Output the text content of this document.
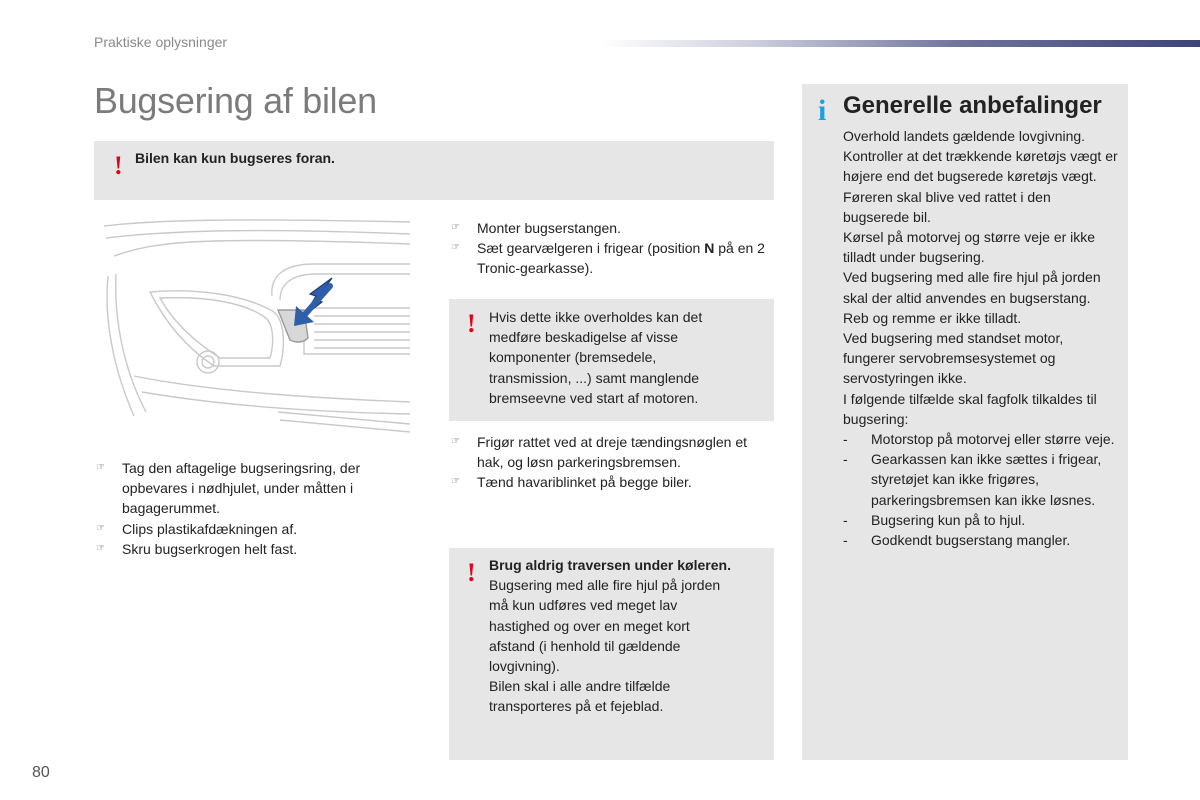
Praktiske oplysninger
Bugsering af bilen
! Bilen kan kun bugseres foran.
☞ Tag den aftagelige bugseringsring, der opbevares i nødhjulet, under måtten i bagagerummet.
☞ Clips plastikafdækningen af.
☞ Skru bugserkrogen helt fast.
☞ Monter bugserstangen.
☞ Sæt gearvælgeren i frigear (position N på en 2 Tronic-gearkasse).
! Hvis dette ikke overholdes kan det medføre beskadigelse af visse komponenter (bremsedele, transmission, ...) samt manglende bremseevne ved start af motoren.
☞ Frigør rattet ved at dreje tændingsnøglen et hak, og løsn parkeringsbremsen.
☞ Tænd havariblinket på begge biler.
! Brug aldrig traversen under køleren.

Bugsering med alle fire hjul på jorden må kun udføres ved meget lav hastighed og over en meget kort afstand (i henhold til gældende lovgivning).
Bilen skal i alle andre tilfælde transporteres på et fejeblad.
i Generelle anbefalinger

Overhold landets gældende lovgivning.

Kontroller at det trækkende køretøjs vægt er højere end det bugserede køretøjs vægt.

Føreren skal blive ved rattet i den bugserede bil.

Kørsel på motorvej og større veje er ikke tilladt under bugsering.

Ved bugsering med alle fire hjul på jorden skal der altid anvendes en bugserstang. Reb og remme er ikke tilladt.

Ved bugsering med standset motor, fungerer servobremsesystemet og servostyringen ikke.

I følgende tilfælde skal fagfolk tilkaldes til bugsering:

- Motorstop på motorvej eller større veje.
- Gearkassen kan ikke sættes i frigear, styretøjet kan ikke frigøres, parkeringsbremsen kan ikke løsnes.
- Bugsering kun på to hjul.
- Godkendt bugserstang mangler.
80
